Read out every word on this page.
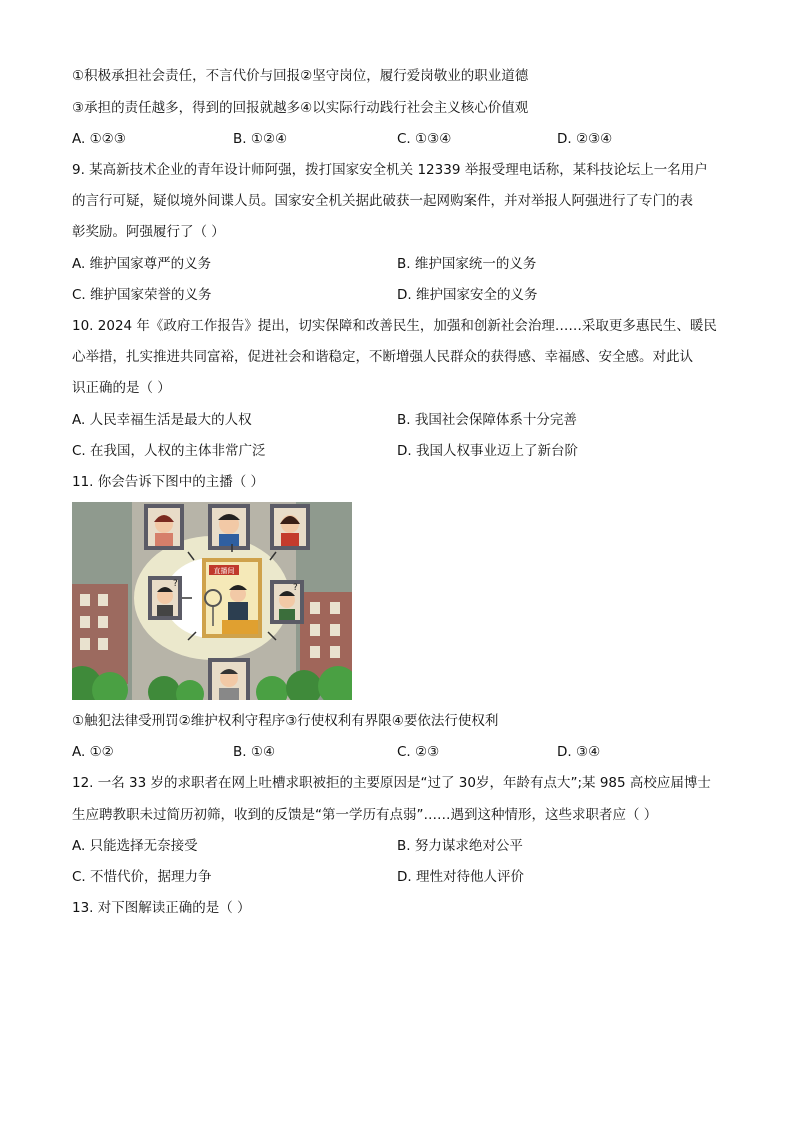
①积极承担社会责任，不言代价与回报②坚守岗位，履行爱岗敬业的职业道德
③承担的责任越多，得到的回报就越多④以实际行动践行社会主义核心价值观
A. ①②③	B. ①②④	C. ①③④	D. ②③④
9. 某高新技术企业的青年设计师阿强，拨打国家安全机关 12339 举报受理电话称，某科技论坛上一名用户
的言行可疑，疑似境外间谍人员。国家安全机关据此破获一起网购案件，并对举报人阿强进行了专门的表
彰奖励。阿强履行了（ ）
A. 维护国家尊严的义务	B. 维护国家统一的义务
C. 维护国家荣誉的义务	D. 维护国家安全的义务
10. 2024 年《政府工作报告》提出，切实保障和改善民生，加强和创新社会治理……采取更多惠民生、暖民
心举措，扎实推进共同富裕，促进社会和谐稳定，不断增强人民群众的获得感、幸福感、安全感。对此认
识正确的是（ ）
A. 人民幸福生活是最大的人权	B. 我国社会保障体系十分完善
C. 在我国，人权的主体非常广泛	D. 我国人权事业迈上了新台阶
11. 你会告诉下图中的主播（ ）
直播间
?	?
①触犯法律受刑罚②维护权利守程序③行使权利有界限④要依法行使权利
A. ①②	B. ①④	C. ②③	D. ③④
12. 一名 33 岁的求职者在网上吐槽求职被拒的主要原因是“过了 30岁，年龄有点大”;某 985 高校应届博士
生应聘教职未过简历初筛，收到的反馈是“第一学历有点弱”……遇到这种情形，这些求职者应（ ）
A. 只能选择无奈接受	B. 努力谋求绝对公平
C. 不惜代价，据理力争	D. 理性对待他人评价
13. 对下图解读正确的是（ ）
